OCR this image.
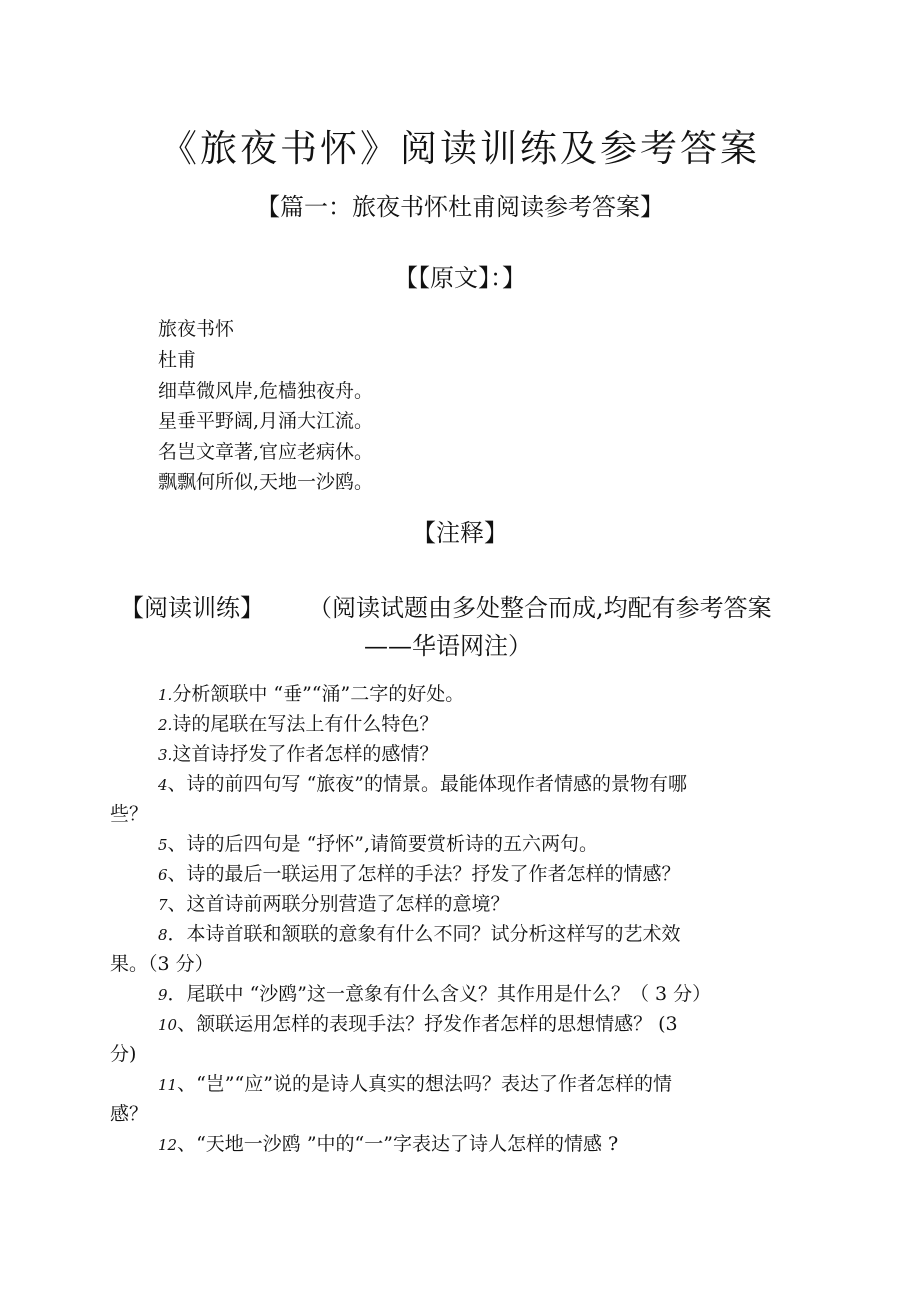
《旅夜书怀》阅读训练及参考答案
【篇一：旅夜书怀杜甫阅读参考答案】
【【原文】：】
旅夜书怀
杜甫
细草微风岸,危樯独夜舟。
星垂平野阔,月涌大江流。
名岂文章著,官应老病休。
飘飘何所似,天地一沙鸥。
【注释】
【阅读训练】 （阅读试题由多处整合而成,均配有参考答案
——华语网注）
1.分析颔联中 “垂”“涌”二字的好处。
2.诗的尾联在写法上有什么特色？
3.这首诗抒发了作者怎样的感情？
4、诗的前四句写 “旅夜”的情景。最能体现作者情感的景物有哪
些？
5、诗的后四句是 “抒怀”,请简要赏析诗的五六两句。
6、诗的最后一联运用了怎样的手法？抒发了作者怎样的情感？
7、这首诗前两联分别营造了怎样的意境？
8．本诗首联和颔联的意象有什么不同？试分析这样写的艺术效
果。（3 分）
9．尾联中 “沙鸥”这一意象有什么含义？其作用是什么？（ 3 分）
10、颔联运用怎样的表现手法？抒发作者怎样的思想情感？ (3
分)
11、“岂”“应”说的是诗人真实的想法吗？表达了作者怎样的情
感？
12、“天地一沙鸥 ”中的“一”字表达了诗人怎样的情感 ?
